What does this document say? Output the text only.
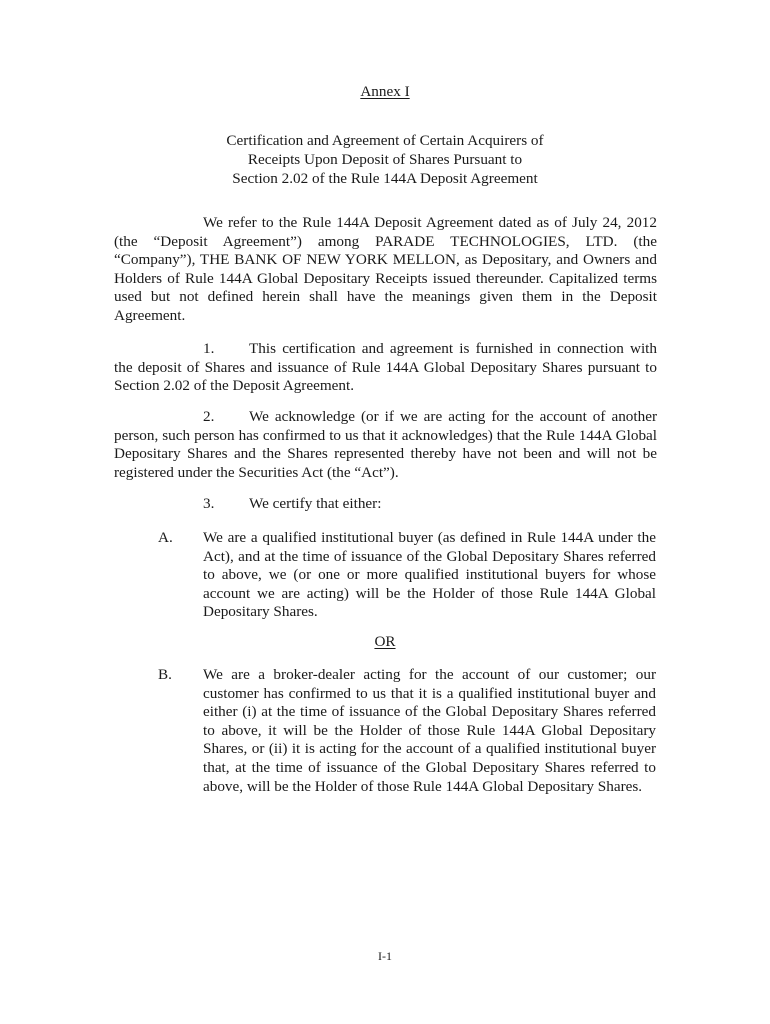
Annex I
Certification and Agreement of Certain Acquirers of
Receipts Upon Deposit of Shares Pursuant to
Section 2.02 of the Rule 144A Deposit Agreement

We refer to the Rule 144A Deposit Agreement dated as of July 24, 2012 (the “Deposit Agreement”) among PARADE TECHNOLOGIES, LTD. (the “Company”), THE BANK OF NEW YORK MELLON, as Depositary, and Owners and Holders of Rule 144A Global Depositary Receipts issued thereunder. Capitalized terms used but not defined herein shall have the meanings given them in the Deposit Agreement.

1. This certification and agreement is furnished in connection with the deposit of Shares and issuance of Rule 144A Global Depositary Shares pursuant to Section 2.02 of the Deposit Agreement.

2. We acknowledge (or if we are acting for the account of another person, such person has confirmed to us that it acknowledges) that the Rule 144A Global Depositary Shares and the Shares represented thereby have not been and will not be registered under the Securities Act (the “Act”).

3. We certify that either:

A. We are a qualified institutional buyer (as defined in Rule 144A under the Act), and at the time of issuance of the Global Depositary Shares referred to above, we (or one or more qualified institutional buyers for whose account we are acting) will be the Holder of those Rule 144A Global Depositary Shares.

OR
B. We are a broker-dealer acting for the account of our customer; our customer has confirmed to us that it is a qualified institutional buyer and either (i) at the time of issuance of the Global Depositary Shares referred to above, it will be the Holder of those Rule 144A Global Depositary Shares, or (ii) it is acting for the account of a qualified institutional buyer that, at the time of issuance of the Global Depositary Shares referred to above, will be the Holder of those Rule 144A Global Depositary Shares.

I-1
